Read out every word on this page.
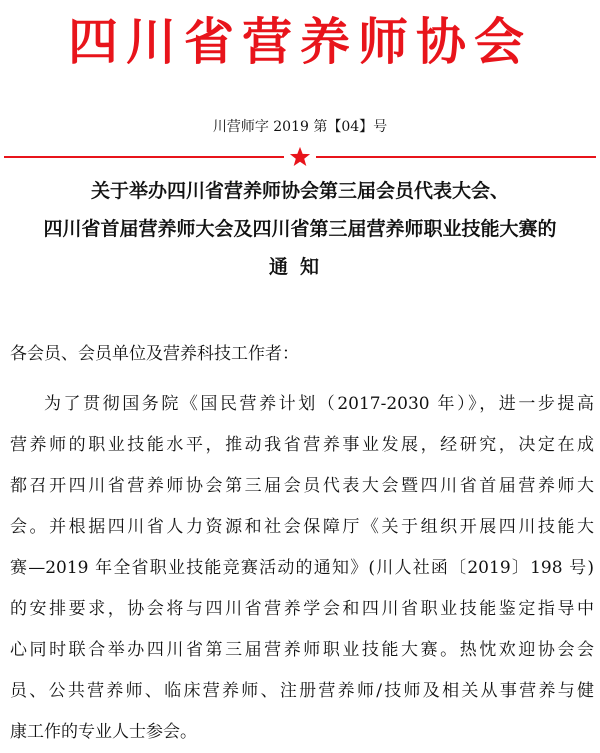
四川省营养师协会
川营师字 2019 第【04】号
关于举办四川省营养师协会第三届会员代表大会、
四川省首届营养师大会及四川省第三届营养师职业技能大赛的
通知
各会员、会员单位及营养科技工作者：
为了贯彻国务院《国民营养计划（2017-2030 年）》，进一步提高
营养师的职业技能水平，推动我省营养事业发展，经研究，决定在成
都召开四川省营养师协会第三届会员代表大会暨四川省首届营养师大
会。并根据四川省人力资源和社会保障厅《关于组织开展四川技能大
赛—2019 年全省职业技能竞赛活动的通知》(川人社函〔2019〕198 号)
的安排要求，协会将与四川省营养学会和四川省职业技能鉴定指导中
心同时联合举办四川省第三届营养师职业技能大赛。热忱欢迎协会会
员、公共营养师、临床营养师、注册营养师/技师及相关从事营养与健
康工作的专业人士参会。
